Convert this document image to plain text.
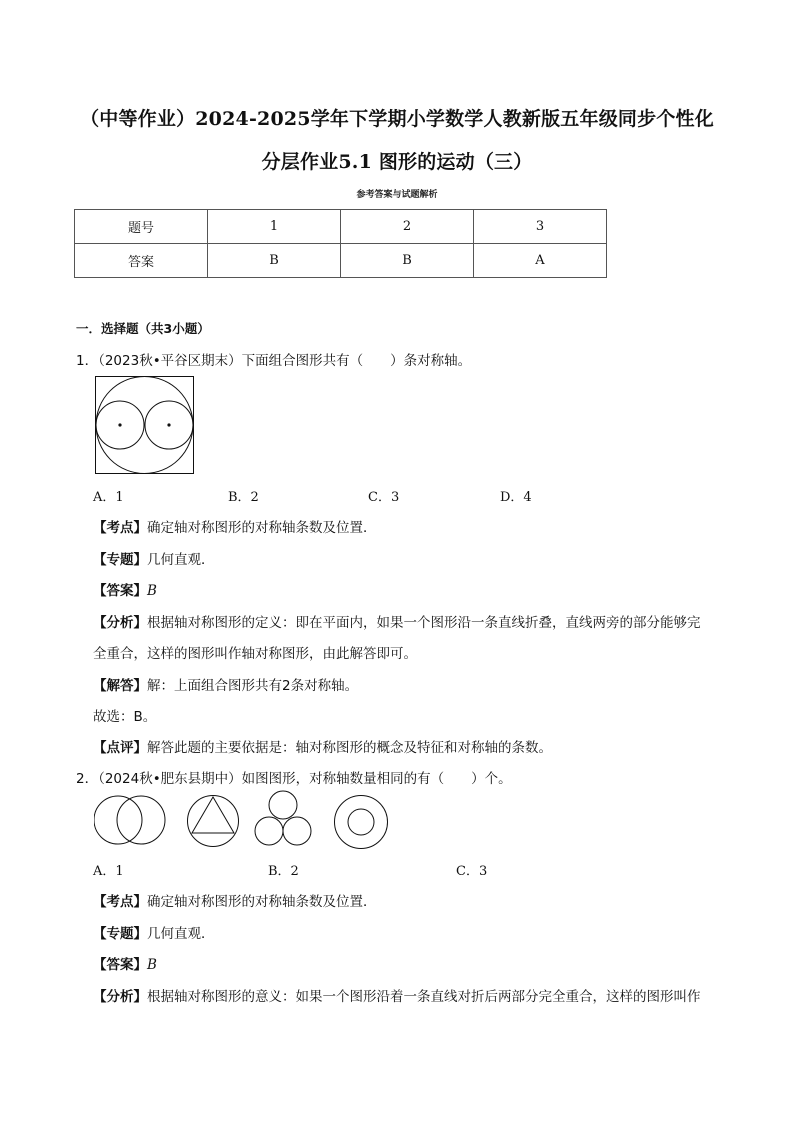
（中等作业）2024-2025学年下学期小学数学人教新版五年级同步个性化
分层作业5.1 图形的运动（三）
参考答案与试题解析
题号	1	2	3
答案	B	B	A
一．选择题（共3小题）
1．（2023秋•平谷区期末）下面组合图形共有（　　）条对称轴。
A．1	B．2	C．3	D．4
【考点】确定轴对称图形的对称轴条数及位置．
【专题】几何直观．
【答案】B
【分析】根据轴对称图形的定义：即在平面内，如果一个图形沿一条直线折叠，直线两旁的部分能够完
全重合，这样的图形叫作轴对称图形，由此解答即可。
【解答】解：上面组合图形共有2条对称轴。
故选：B。
【点评】解答此题的主要依据是：轴对称图形的概念及特征和对称轴的条数。
2．（2024秋•肥东县期中）如图图形，对称轴数量相同的有（　　）个。
A．1	B．2	C．3
【考点】确定轴对称图形的对称轴条数及位置．
【专题】几何直观．
【答案】B
【分析】根据轴对称图形的意义：如果一个图形沿着一条直线对折后两部分完全重合，这样的图形叫作
